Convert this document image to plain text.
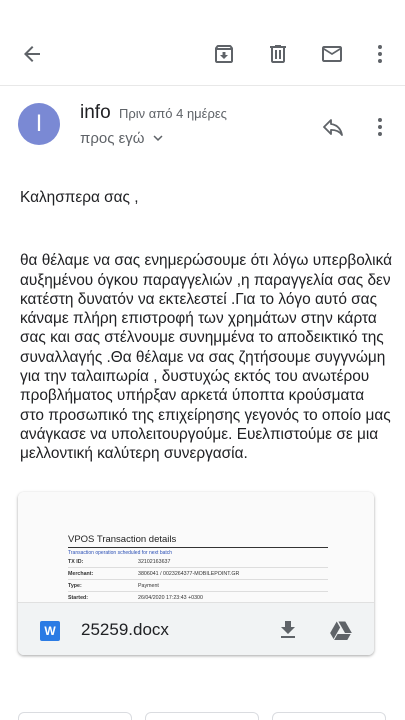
I	info Πριν από 4 ημέρες
προς εγώ

Καλησπερα σας ,

θα θέλαμε να σας ενημερώσουμε ότι λόγω υπερβολικά αυξημένου όγκου παραγγελιών ,η παραγγελία σας δεν κατέστη δυνατόν να εκτελεστεί .Για το λόγο αυτό σας κάναμε πλήρη επιστροφή των χρημάτων στην κάρτα σας και σας στέλνουμε συνημμένα το αποδεικτικό της συναλλαγής .Θα θέλαμε να σας ζητήσουμε συγγνώμη για την ταλαιπωρία , δυστυχώς εκτός του ανωτέρου προβλήματος υπήρξαν αρκετά ύποπτα κρούσματα στο προσωπικό της επιχείρησης γεγονός το οποίο μας ανάγκασε να υπολειτουργούμε. Ευελπιστούμε σε μια μελλοντική καλύτερη συνεργασία.

VPOS Transaction details
Transaction operation scheduled for next batch
TX ID:	32102163637
Merchant:	3806041 / 0023264377-MOBILEPOINT.GR
Type:	Payment
Started:	26/04/2020 17:23:43 +0300
W 25259.docx
